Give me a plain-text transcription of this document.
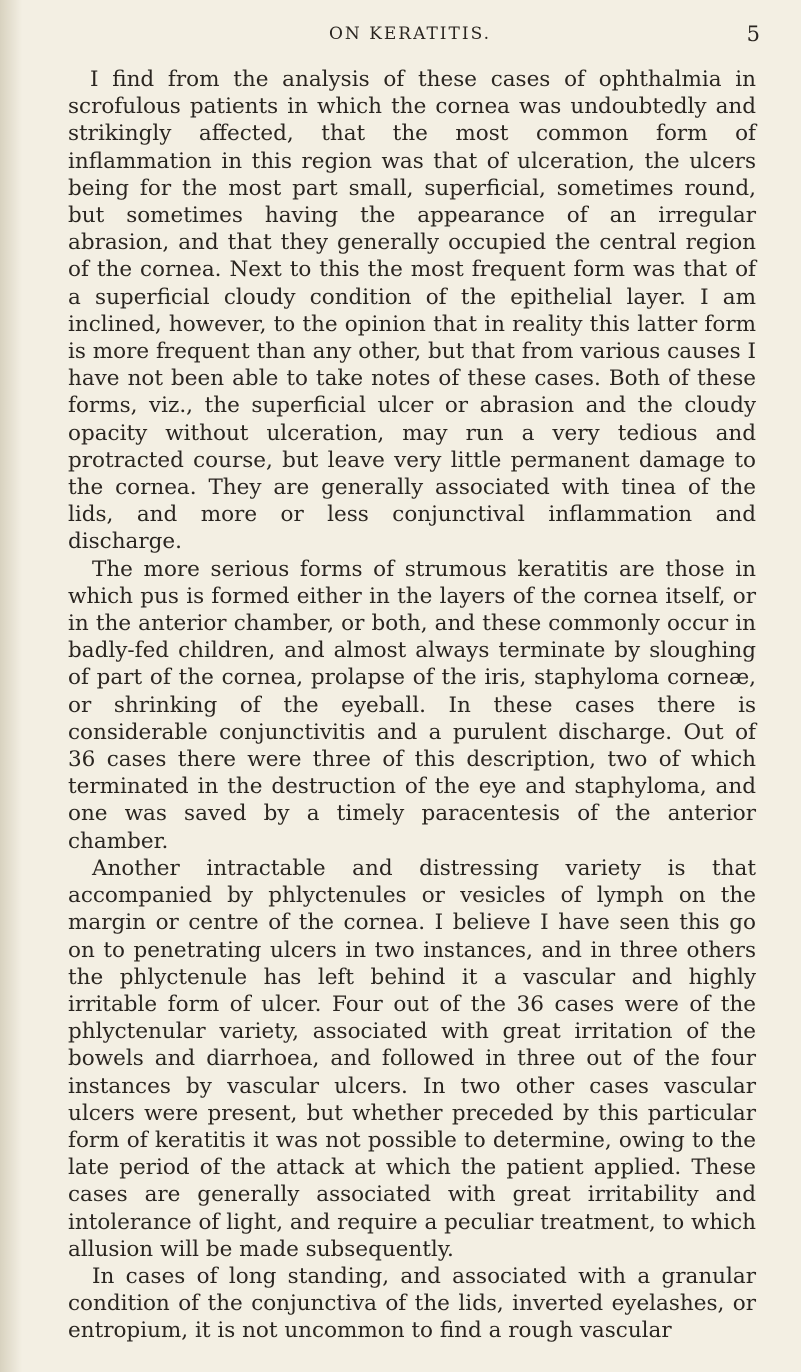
ON KERATITIS.	5

I find from the analysis of these cases of ophthalmia in scrofulous patients in which the cornea was undoubtedly and strikingly affected, that the most common form of inflammation in this region was that of ulceration, the ulcers being for the most part small, superficial, sometimes round, but sometimes having the appearance of an irregular abrasion, and that they generally occupied the central region of the cornea. Next to this the most frequent form was that of a superficial cloudy condition of the epithelial layer. I am inclined, however, to the opinion that in reality this latter form is more frequent than any other, but that from various causes I have not been able to take notes of these cases. Both of these forms, viz., the superficial ulcer or abrasion and the cloudy opacity without ulceration, may run a very tedious and protracted course, but leave very little permanent damage to the cornea. They are generally associated with tinea of the lids, and more or less conjunctival inflammation and discharge.

The more serious forms of strumous keratitis are those in which pus is formed either in the layers of the cornea itself, or in the anterior chamber, or both, and these commonly occur in badly-fed children, and almost always terminate by sloughing of part of the cornea, prolapse of the iris, staphyloma corneæ, or shrinking of the eyeball. In these cases there is considerable conjunctivitis and a purulent discharge. Out of 36 cases there were three of this description, two of which terminated in the destruction of the eye and staphyloma, and one was saved by a timely paracentesis of the anterior chamber.

Another intractable and distressing variety is that accompanied by phlyctenules or vesicles of lymph on the margin or centre of the cornea. I believe I have seen this go on to penetrating ulcers in two instances, and in three others the phlyctenule has left behind it a vascular and highly irritable form of ulcer. Four out of the 36 cases were of the phlyctenular variety, associated with great irritation of the bowels and diarrhoea, and followed in three out of the four instances by vascular ulcers. In two other cases vascular ulcers were present, but whether preceded by this particular form of keratitis it was not possible to determine, owing to the late period of the attack at which the patient applied. These cases are generally associated with great irritability and intolerance of light, and require a peculiar treatment, to which allusion will be made subsequently.

In cases of long standing, and associated with a granular condition of the conjunctiva of the lids, inverted eyelashes, or entropium, it is not uncommon to find a rough vascular
